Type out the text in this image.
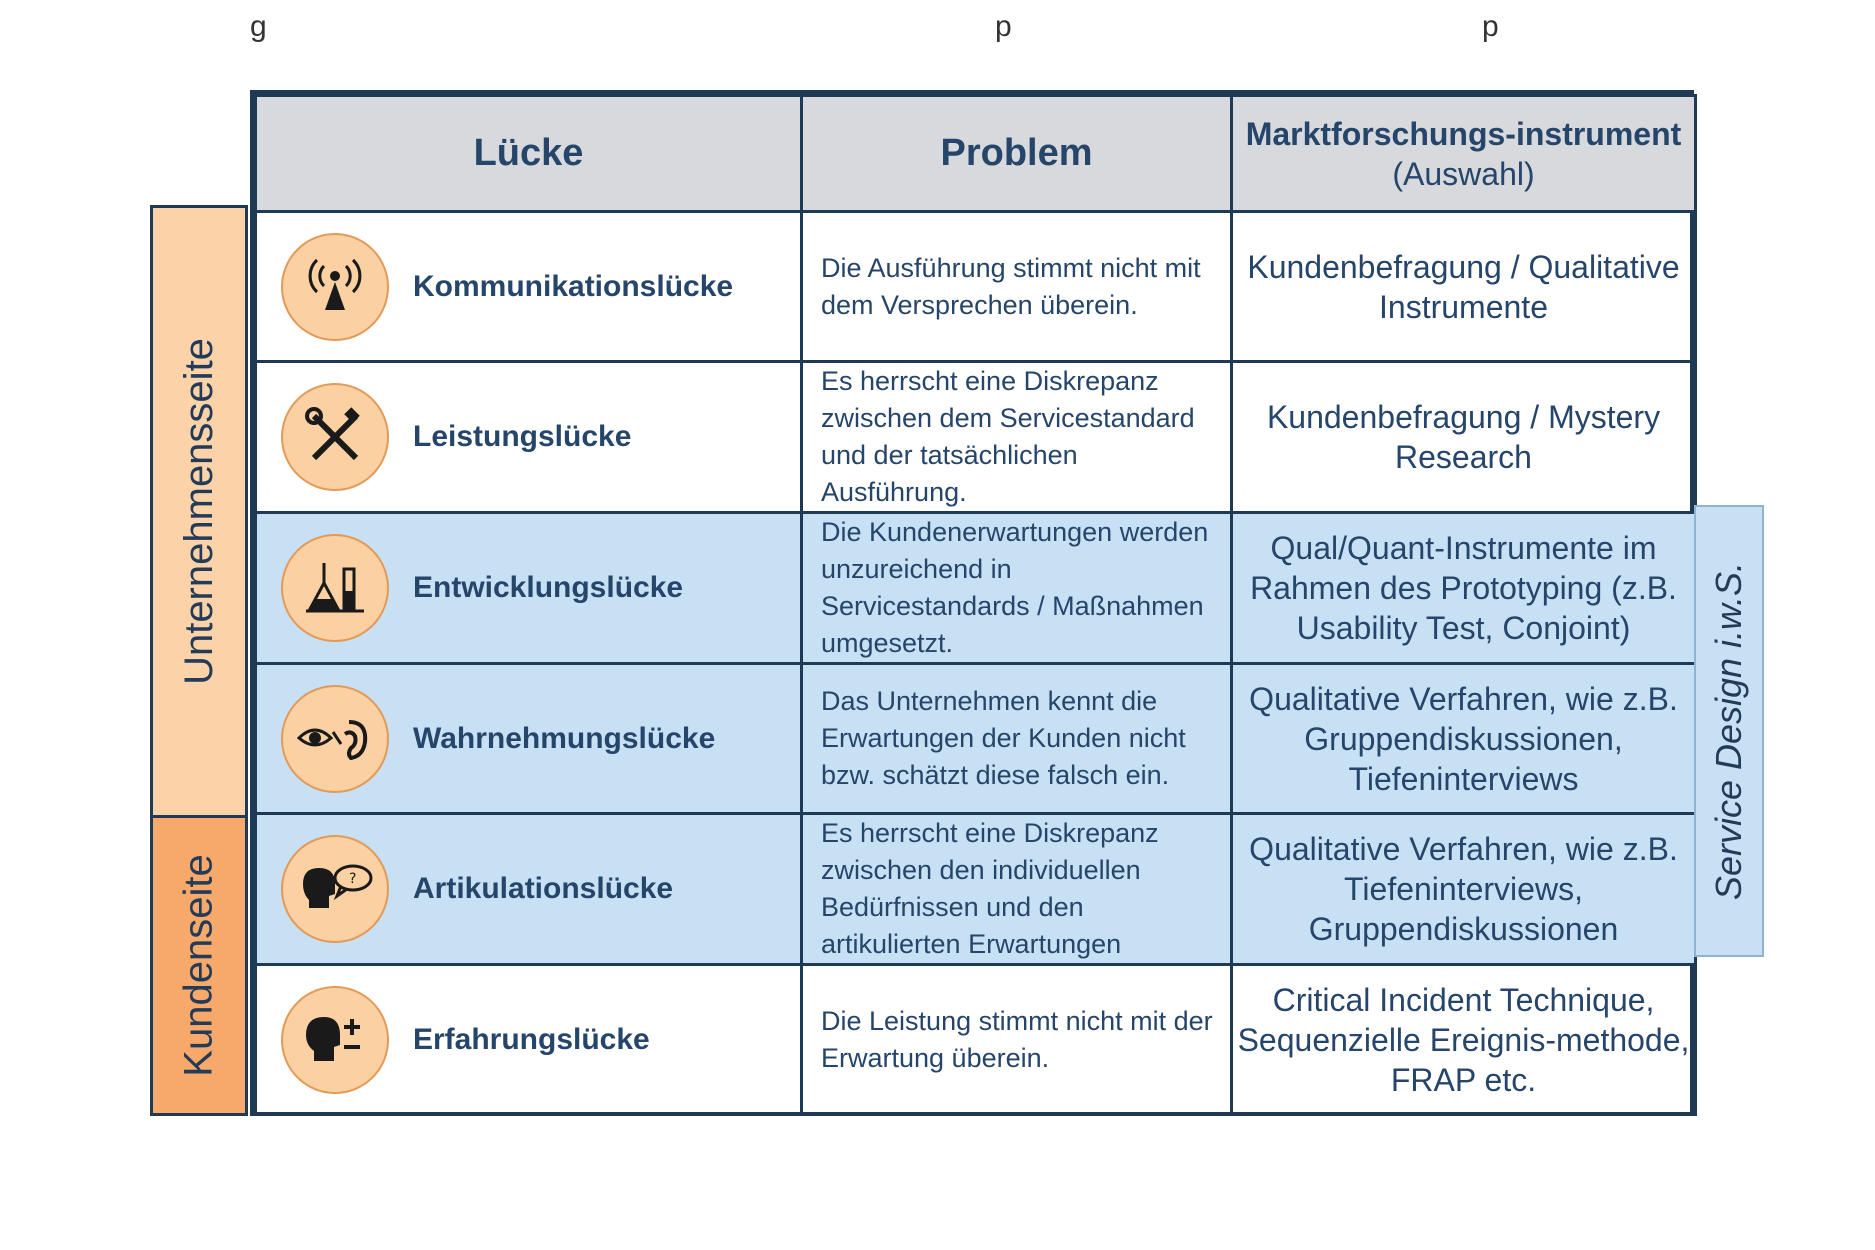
g	p	p
Unternehmensseite
Kundenseite
Lücke	Problem	Marktforschungs-instrument (Auswahl)

Kommunikationslücke	Die Ausführung stimmt nicht mit dem Versprechen überein.	Kundenbefragung / Qualitative Instrumente

Leistungslücke	Es herrscht eine Diskrepanz zwischen dem Servicestandard und der tatsächlichen Ausführung.	Kundenbefragung / Mystery Research

Entwicklungslücke	Die Kundenerwartungen werden unzureichend in Servicestandards / Maßnahmen umgesetzt.	Qual/Quant-Instrumente im Rahmen des Prototyping (z.B. Usability Test, Conjoint)

Wahrnehmungslücke	Das Unternehmen kennt die Erwartungen der Kunden nicht bzw. schätzt diese falsch ein.	Qualitative Verfahren, wie z.B. Gruppendiskussionen, Tiefeninterviews

? Artikulationslücke	Es herrscht eine Diskrepanz zwischen den individuellen Bedürfnissen und den artikulierten Erwartungen	Qualitative Verfahren, wie z.B. Tiefeninterviews, Gruppendiskussionen

Erfahrungslücke	Die Leistung stimmt nicht mit der Erwartung überein.	Critical Incident Technique, Sequenzielle Ereignis-methode, FRAP etc.
Service Design i.w.S.
